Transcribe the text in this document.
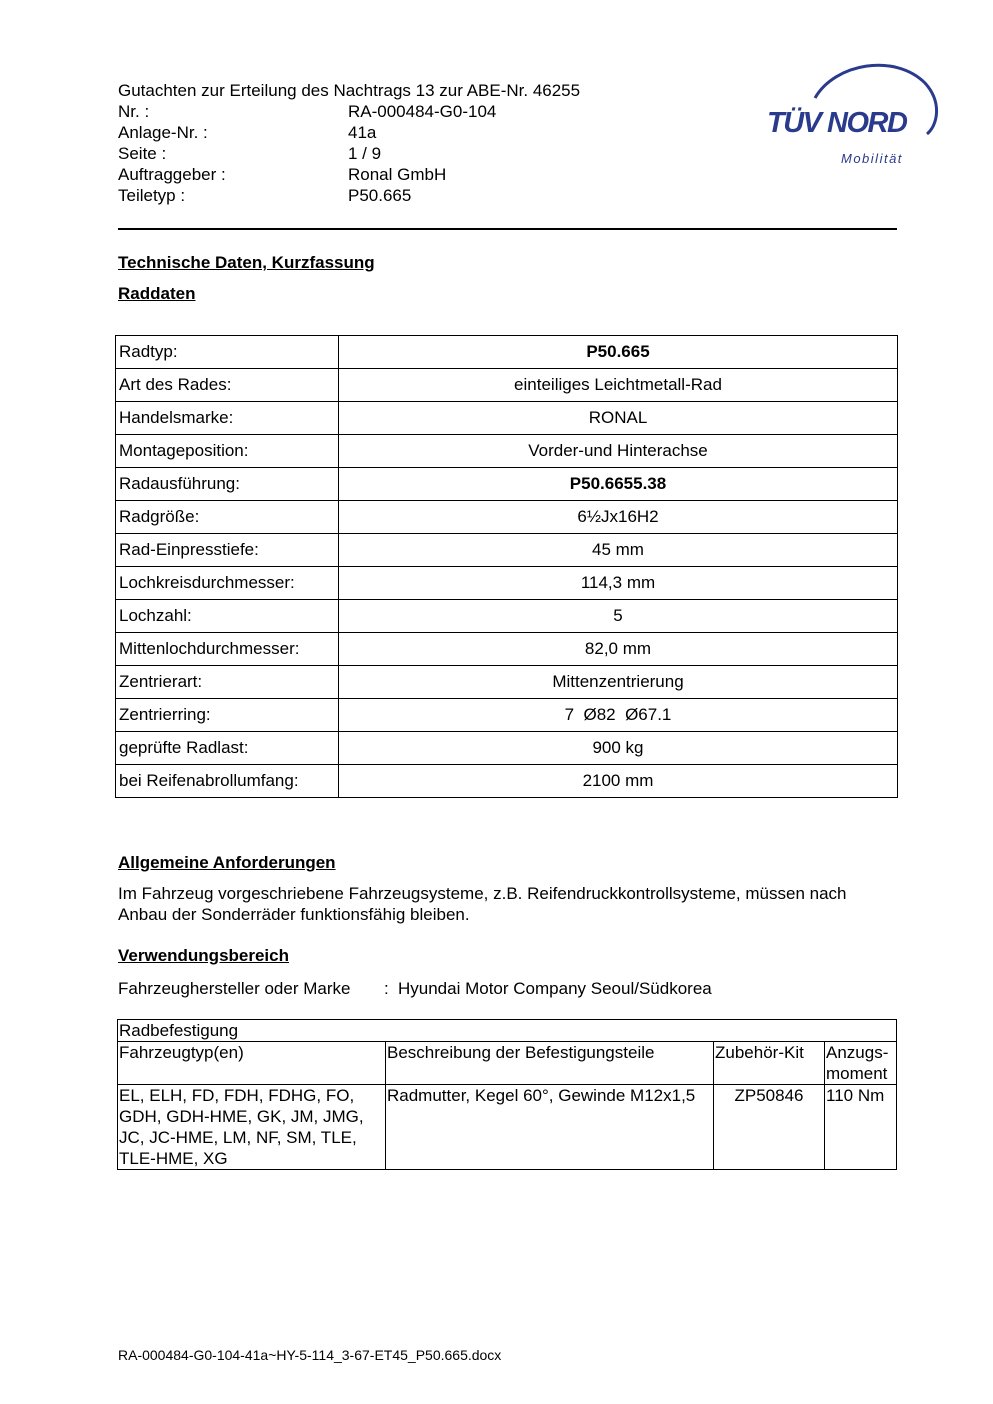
Gutachten zur Erteilung des Nachtrags 13 zur ABE-Nr. 46255
Nr. :	RA-000484-G0-104
Anlage-Nr. :	41a
Seite :	1 / 9
Auftraggeber :	Ronal GmbH
Teiletyp :	P50.665
TÜV NORD
Mobilität
Technische Daten, Kurzfassung
Raddaten
Radtyp:	P50.665
Art des Rades:	einteiliges Leichtmetall-Rad
Handelsmarke:	RONAL
Montageposition:	Vorder-und Hinterachse
Radausführung:	P50.6655.38
Radgröße:	6½Jx16H2
Rad-Einpresstiefe:	45 mm
Lochkreisdurchmesser:	114,3 mm
Lochzahl:	5
Mittenlochdurchmesser:	82,0 mm
Zentrierart:	Mittenzentrierung
Zentrierring:	7  Ø82  Ø67.1
geprüfte Radlast:	900 kg
bei Reifenabrollumfang:	2100 mm
Allgemeine Anforderungen
Im Fahrzeug vorgeschriebene Fahrzeugsysteme, z.B. Reifendruckkontrollsysteme, müssen nach Anbau der Sonderräder funktionsfähig bleiben.
Verwendungsbereich
Fahrzeughersteller oder Marke	: Hyundai Motor Company Seoul/Südkorea
Radbefestigung			
Fahrzeugtyp(en)	Beschreibung der Befestigungsteile	Zubehör-Kit	Anzugs-moment
EL, ELH, FD, FDH, FDHG, FO, GDH, GDH-HME, GK, JM, JMG, JC, JC-HME, LM, NF, SM, TLE, TLE-HME, XG	Radmutter, Kegel 60°, Gewinde M12x1,5	ZP50846	110 Nm
RA-000484-G0-104-41a~HY-5-114_3-67-ET45_P50.665.docx
